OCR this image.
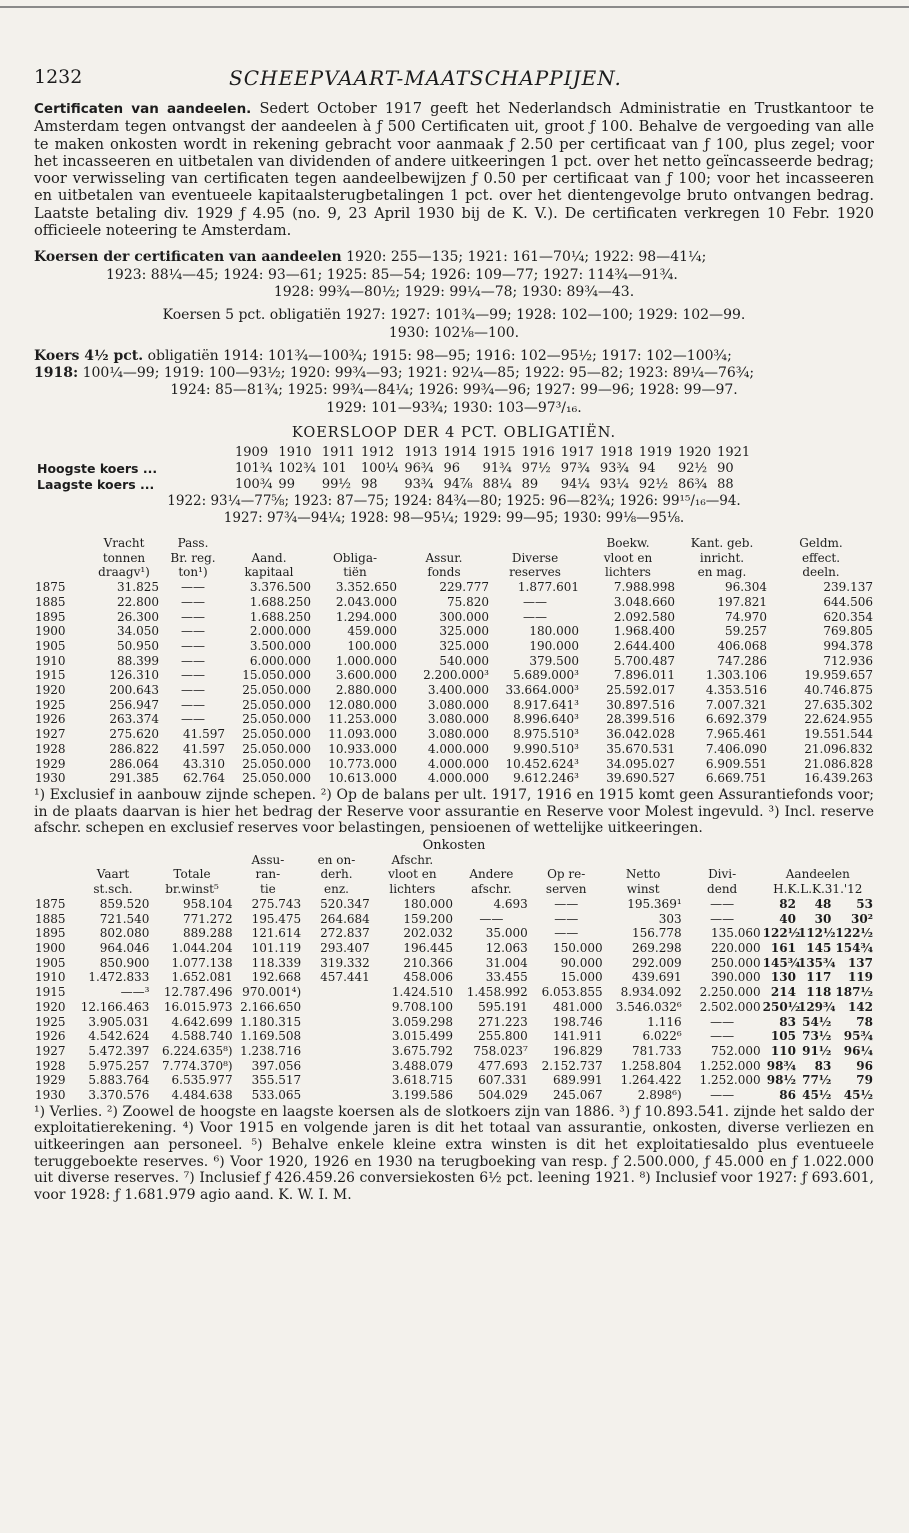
1232	SCHEEPVAART-MAATSCHAPPIJEN.

Certificaten van aandeelen. Sedert October 1917 geeft het Nederlandsch Administratie en Trustkantoor te Amsterdam tegen ontvangst der aandeelen à ƒ 500 Certificaten uit, groot ƒ 100. Behalve de vergoeding van alle te maken onkosten wordt in rekening gebracht voor aanmaak ƒ 2.50 per certificaat van ƒ 100, plus zegel; voor het incasseeren en uitbetalen van dividenden of andere uitkeeringen 1 pct. over het netto geïncasseerde bedrag; voor verwisseling van certificaten tegen aandeelbewijzen ƒ 0.50 per certificaat van ƒ 100; voor het incasseeren en uitbetalen van eventueele kapitaalsterugbetalingen 1 pct. over het dientengevolge bruto ontvangen bedrag. Laatste betaling div. 1929 ƒ 4.95 (no. 9, 23 April 1930 bij de K. V.). De certificaten verkregen 10 Febr. 1920 officieele noteering te Amsterdam.

Koersen der certificaten van aandeelen 1920: 255—135; 1921: 161—70¼; 1922: 98—41¼;
1923: 88¼—45; 1924: 93—61; 1925: 85—54; 1926: 109—77; 1927: 114¾—91¾.
1928: 99¾—80½; 1929: 99¼—78; 1930: 89¾—43.
Koersen 5 pct. obligatiën 1927: 1927: 101¾—99; 1928: 102—100; 1929: 102—99.
1930: 102⅛—100.
Koers 4½ pct. obligatiën 1914: 101¾—100¾; 1915: 98—95; 1916: 102—95½; 1917: 102—100¾;
1918: 100¼—99; 1919: 100—93½; 1920: 99¾—93; 1921: 92¼—85; 1922: 95—82; 1923: 89¼—76¾;
1924: 85—81¾; 1925: 99¾—84¼; 1926: 99¾—96; 1927: 99—96; 1928: 99—97.
1929: 101—93¾; 1930: 103—97³/₁₆.
KOERSLOOP DER 4 PCT. OBLIGATIËN.
	1909	1910	1911	1912	1913	1914	1915	1916	1917	1918	1919	1920	1921
Hoogste koers ...	101¾	102¾	101	100¼	96¾	96	91¾	97½	97¾	93¾	94	92½	90
Laagste koers ...	100¾	99	99½	98	93¾	94⅞	88¼	89	94¼	93¼	92½	86¾	88
1922: 93¼—77⅝; 1923: 87—75; 1924: 84¾—80; 1925: 96—82¾; 1926: 99¹⁵/₁₆—94.
1927: 97¾—94¼; 1928: 98—95¼; 1929: 99—95; 1930: 99⅛—95⅛.
	Vracht	Pass.					Boekw.	Kant. geb.	Geldm.
	tonnen	Br. reg.	Aand.	Obliga-	Assur.	Diverse	vloot en	inricht.	effect.
	draagv¹)	ton¹)	kapitaal	tiën	fonds	reserves	lichters	en mag.	deeln.
1875	31.825	——	3.376.500	3.352.650	229.777	1.877.601	7.988.998	96.304	239.137
1885	22.800	——	1.688.250	2.043.000	75.820	——	3.048.660	197.821	644.506
1895	26.300	——	1.688.250	1.294.000	300.000	——	2.092.580	74.970	620.354
1900	34.050	——	2.000.000	459.000	325.000	180.000	1.968.400	59.257	769.805
1905	50.950	——	3.500.000	100.000	325.000	190.000	2.644.400	406.068	994.378
1910	88.399	——	6.000.000	1.000.000	540.000	379.500	5.700.487	747.286	712.936
1915	126.310	——	15.050.000	3.600.000	2.200.000³	5.689.000³	7.896.011	1.303.106	19.959.657
1920	200.643	——	25.050.000	2.880.000	3.400.000	33.664.000³	25.592.017	4.353.516	40.746.875
1925	256.947	——	25.050.000	12.080.000	3.080.000	8.917.641³	30.897.516	7.007.321	27.635.302
1926	263.374	——	25.050.000	11.253.000	3.080.000	8.996.640³	28.399.516	6.692.379	22.624.955
1927	275.620	41.597	25.050.000	11.093.000	3.080.000	8.975.510³	36.042.028	7.965.461	19.551.544
1928	286.822	41.597	25.050.000	10.933.000	4.000.000	9.990.510³	35.670.531	7.406.090	21.096.832
1929	286.064	43.310	25.050.000	10.773.000	4.000.000	10.452.624³	34.095.027	6.909.551	21.086.828
1930	291.385	62.764	25.050.000	10.613.000	4.000.000	9.612.246³	39.690.527	6.669.751	16.439.263

¹) Exclusief in aanbouw zijnde schepen. ²) Op de balans per ult. 1917, 1916 en 1915 komt geen Assurantiefonds voor; in de plaats daarvan is hier het bedrag der Reserve voor assurantie en Reserve voor Molest ingevuld. ³) Incl. reserve afschr. schepen en exclusief reserves voor belastingen, pensioenen of wettelijke uitkeeringen.

Onkosten
			Assu-	en on-	Afschr.							
	Vaart	Totale	ran-	derh.	vloot en	Andere	Op re-	Netto	Divi-	Aandeelen		
	st.sch.	br.winst⁵	tie	enz.	lichters	afschr.	serven	winst	dend	H.K.L.K.31.'12		
1875	859.520	958.104	275.743	520.347	180.000	4.693	——	195.369¹	——	82	48	53
1885	721.540	771.272	195.475	264.684	159.200	——	——	303	——	40	30	30²
1895	802.080	889.288	121.614	272.837	202.032	35.000	——	156.778	135.060	122½	112½	122½
1900	964.046	1.044.204	101.119	293.407	196.445	12.063	150.000	269.298	220.000	161	145	154¾
1905	850.900	1.077.138	118.339	319.332	210.366	31.004	90.000	292.009	250.000	145¾	135¾	137
1910	1.472.833	1.652.081	192.668	457.441	458.006	33.455	15.000	439.691	390.000	130	117	119
1915	——³	12.787.496	970.001⁴)		1.424.510	1.458.992	6.053.855	8.934.092	2.250.000	214	118	187½
1920	12.166.463	16.015.973	2.166.650		9.708.100	595.191	481.000	3.546.032⁶	2.502.000	250½	129¾	142
1925	3.905.031	4.642.699	1.180.315		3.059.298	271.223	198.746	1.116	——	83	54½	78
1926	4.542.624	4.588.740	1.169.508		3.015.499	255.800	141.911	6.022⁶	——	105	73½	95¾
1927	5.472.397	6.224.635⁸)	1.238.716		3.675.792	758.023⁷	196.829	781.733	752.000	110	91½	96¼
1928	5.975.257	7.774.370⁸)	397.056		3.488.079	477.693	2.152.737	1.258.804	1.252.000	98¾	83	96
1929	5.883.764	6.535.977	355.517		3.618.715	607.331	689.991	1.264.422	1.252.000	98½	77½	79
1930	3.370.576	4.484.638	533.065		3.199.586	504.029	245.067	2.898⁶)	——	86	45½	45½

¹) Verlies. ²) Zoowel de hoogste en laagste koersen als de slotkoers zijn van 1886. ³) ƒ 10.893.541. zijnde het saldo der exploitatierekening. ⁴) Voor 1915 en volgende jaren is dit het totaal van assurantie, onkosten, diverse verliezen en uitkeeringen aan personeel. ⁵) Behalve enkele kleine extra winsten is dit het exploitatiesaldo plus eventueele teruggeboekte reserves. ⁶) Voor 1920, 1926 en 1930 na terugboeking van resp. ƒ 2.500.000, ƒ 45.000 en ƒ 1.022.000 uit diverse reserves. ⁷) Inclusief ƒ 426.459.26 conversiekosten 6½ pct. leening 1921. ⁸) Inclusief voor 1927: ƒ 693.601, voor 1928: ƒ 1.681.979 agio aand. K. W. I. M.
